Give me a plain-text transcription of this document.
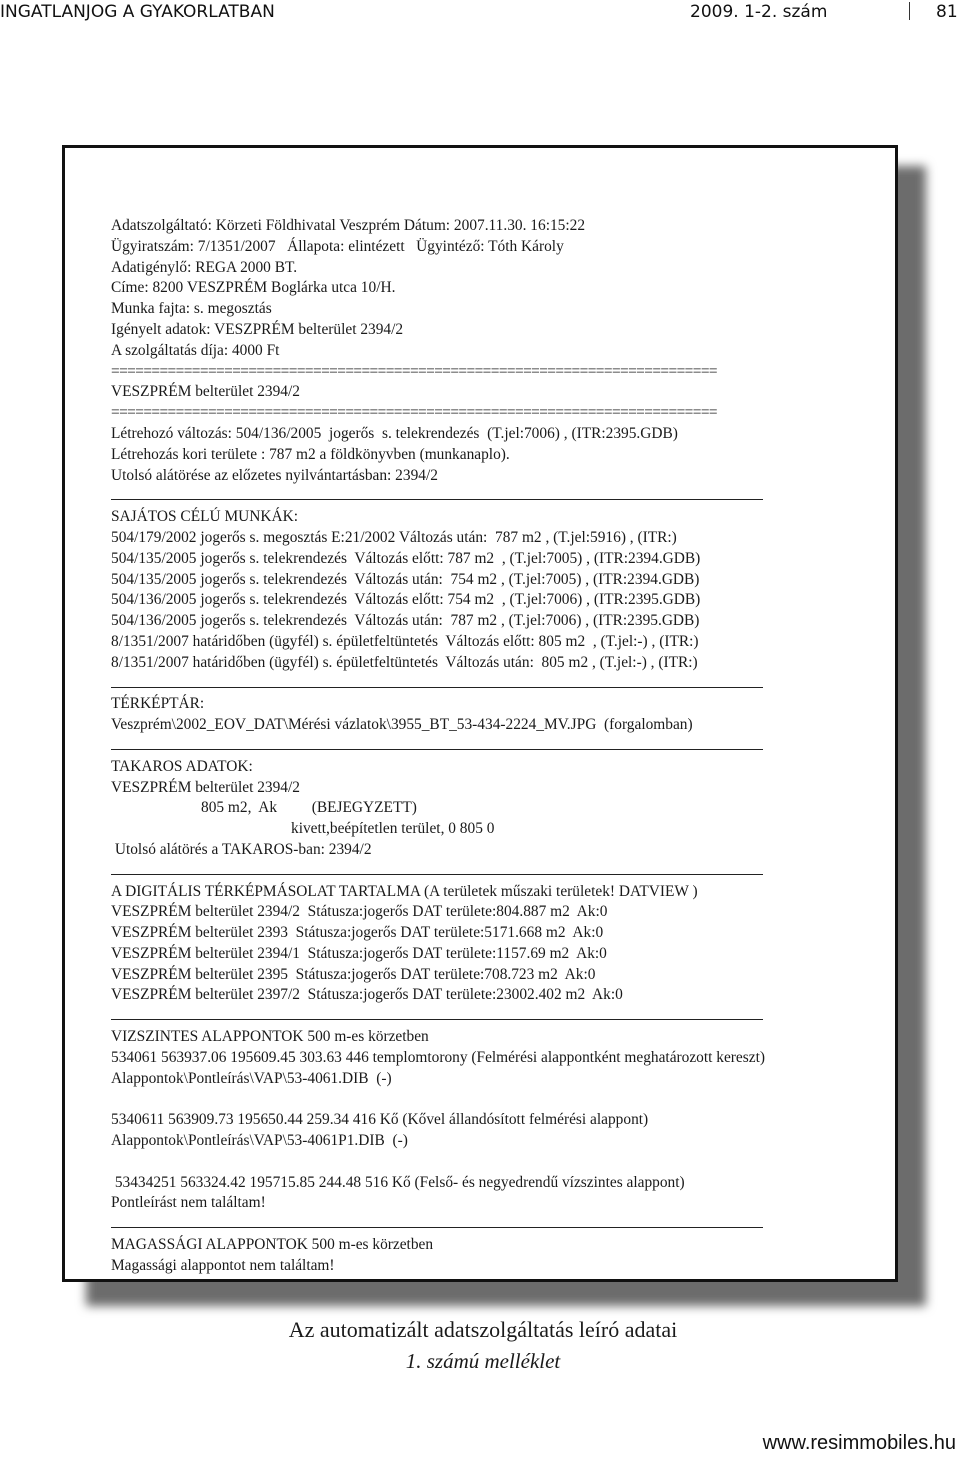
INGATLANJOG A GYAKORLATBAN	2009. 1-2. szám	81
Adatszolgáltató: Körzeti Földhivatal Veszprém Dátum: 2007.11.30. 16:15:22
Ügyiratszám: 7/1351/2007   Állapota: elintézett   Ügyintéző: Tóth Károly
Adatigénylő: REGA 2000 BT.
Címe: 8200 VESZPRÉM Boglárka utca 10/H.
Munka fajta: s. megosztás
Igényelt adatok: VESZPRÉM belterület 2394/2
A szolgáltatás díja: 4000 Ft
===========================================================================
VESZPRÉM belterület 2394/2
===========================================================================
Létrehozó változás: 504/136/2005  jogerős  s. telekrendezés  (T.jel:7006) , (ITR:2395.GDB)
Létrehozás kori területe : 787 m2 a földkönyvben (munkanaplo).
Utolsó alátörése az előzetes nyilvántartásban: 2394/2
SAJÁTOS CÉLÚ MUNKÁK:
504/179/2002 jogerős s. megosztás E:21/2002 Változás után:  787 m2 , (T.jel:5916) , (ITR:)
504/135/2005 jogerős s. telekrendezés  Változás előtt: 787 m2  , (T.jel:7005) , (ITR:2394.GDB)
504/135/2005 jogerős s. telekrendezés  Változás után:  754 m2 , (T.jel:7005) , (ITR:2394.GDB)
504/136/2005 jogerős s. telekrendezés  Változás előtt: 754 m2  , (T.jel:7006) , (ITR:2395.GDB)
504/136/2005 jogerős s. telekrendezés  Változás után:  787 m2 , (T.jel:7006) , (ITR:2395.GDB)
8/1351/2007 határidőben (ügyfél) s. épületfeltüntetés  Változás előtt: 805 m2  , (T.jel:-) , (ITR:)
8/1351/2007 határidőben (ügyfél) s. épületfeltüntetés  Változás után:  805 m2 , (T.jel:-) , (ITR:)
TÉRKÉPTÁR:
Veszprém\2002_EOV_DAT\Mérési vázlatok\3955_BT_53-434-2224_MV.JPG  (forgalomban)
TAKAROS ADATOK:
VESZPRÉM belterület 2394/2
805 m2,  Ak         (BEJEGYZETT)
kivett,beépítetlen terület, 0 805 0
Utolsó alátörés a TAKAROS-ban: 2394/2
A DIGITÁLIS TÉRKÉPMÁSOLAT TARTALMA (A területek műszaki területek! DATVIEW )
VESZPRÉM belterület 2394/2  Státusza:jogerős DAT területe:804.887 m2  Ak:0
VESZPRÉM belterület 2393  Státusza:jogerős DAT területe:5171.668 m2  Ak:0
VESZPRÉM belterület 2394/1  Státusza:jogerős DAT területe:1157.69 m2  Ak:0
VESZPRÉM belterület 2395  Státusza:jogerős DAT területe:708.723 m2  Ak:0
VESZPRÉM belterület 2397/2  Státusza:jogerős DAT területe:23002.402 m2  Ak:0
VIZSZINTES ALAPPONTOK 500 m-es körzetben
534061 563937.06 195609.45 303.63 446 templomtorony (Felmérési alappontként meghatározott kereszt)
Alappontok\Pontleírás\VAP\53-4061.DIB  (-)
5340611 563909.73 195650.44 259.34 416 Kő (Kővel állandósított felmérési alappont)
Alappontok\Pontleírás\VAP\53-4061P1.DIB  (-)
53434251 563324.42 195715.85 244.48 516 Kő (Felső- és negyedrendű vízszintes alappont)
Pontleírást nem találtam!
MAGASSÁGI ALAPPONTOK 500 m-es körzetben
Magassági alappontot nem találtam!
Az automatizált adatszolgáltatás leíró adatai
1. számú melléklet
www.resimmobiles.hu
